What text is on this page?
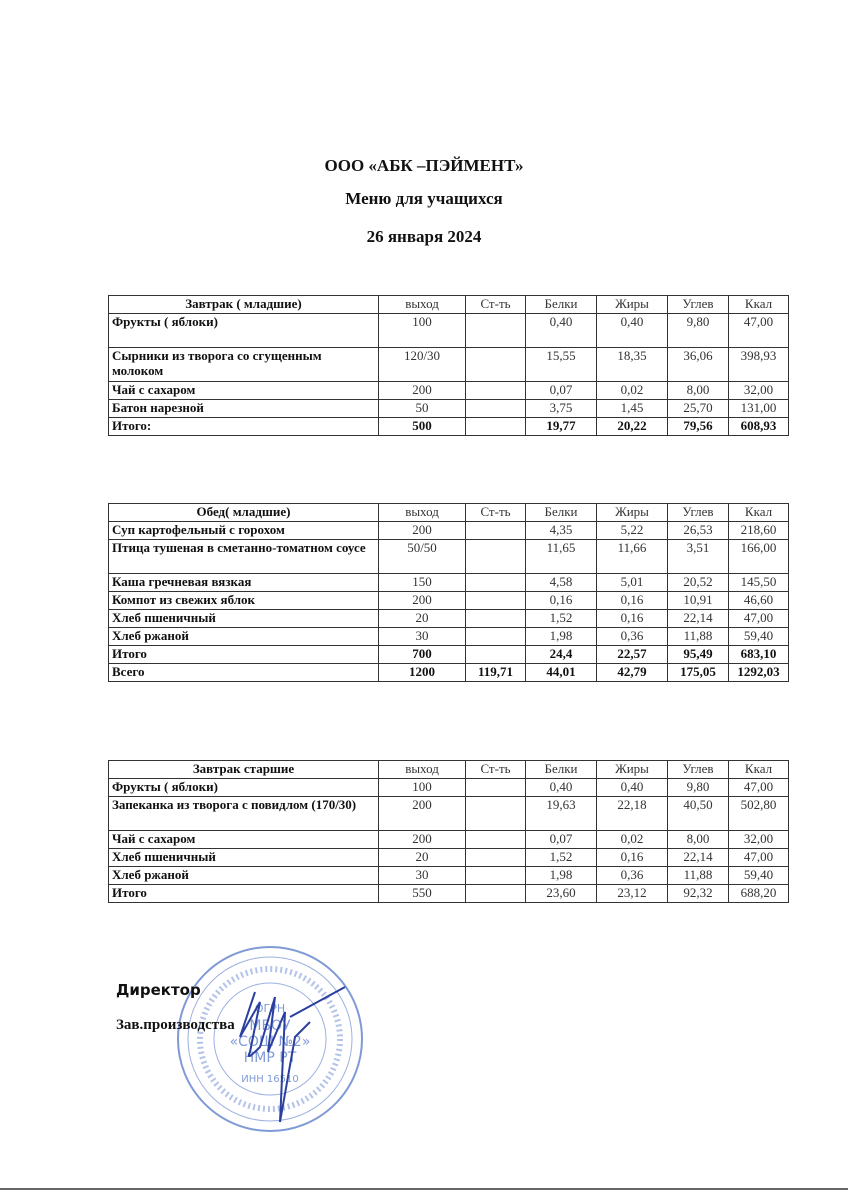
ООО «АБК –ПЭЙМЕНТ»
Меню для учащихся
26 января 2024
Завтрак ( младшие)	выход	Ст-ть	Белки	Жиры	Углев	Ккал
Фрукты ( яблоки)	100		0,40	0,40	9,80	47,00
Сырники из творога со сгущенным молоком	120/30		15,55	18,35	36,06	398,93
Чай с сахаром	200		0,07	0,02	8,00	32,00
Батон нарезной	50		3,75	1,45	25,70	131,00
Итого:	500		19,77	20,22	79,56	608,93
Обед( младшие)	выход	Ст-ть	Белки	Жиры	Углев	Ккал
Суп картофельный с горохом	200		4,35	5,22	26,53	218,60
Птица тушеная в сметанно-томатном соусе	50/50		11,65	11,66	3,51	166,00
Каша гречневая вязкая	150		4,58	5,01	20,52	145,50
Компот из свежих яблок	200		0,16	0,16	10,91	46,60
Хлеб пшеничный	20		1,52	0,16	22,14	47,00
Хлеб ржаной	30		1,98	0,36	11,88	59,40
Итого	700		24,4	22,57	95,49	683,10
Всего	1200	119,71	44,01	42,79	175,05	1292,03
Завтрак старшие	выход	Ст-ть	Белки	Жиры	Углев	Ккал
Фрукты ( яблоки)	100		0,40	0,40	9,80	47,00
Запеканка из творога с повидлом (170/30)	200		19,63	22,18	40,50	502,80
Чай с сахаром	200		0,07	0,02	8,00	32,00
Хлеб пшеничный	20		1,52	0,16	22,14	47,00
Хлеб ржаной	30		1,98	0,36	11,88	59,40
Итого	550		23,60	23,12	92,32	688,20
ОГРН
МБОУ
«СОШ №2»
НМР РТ
ИНН 16510
Директор
Зав.производства
